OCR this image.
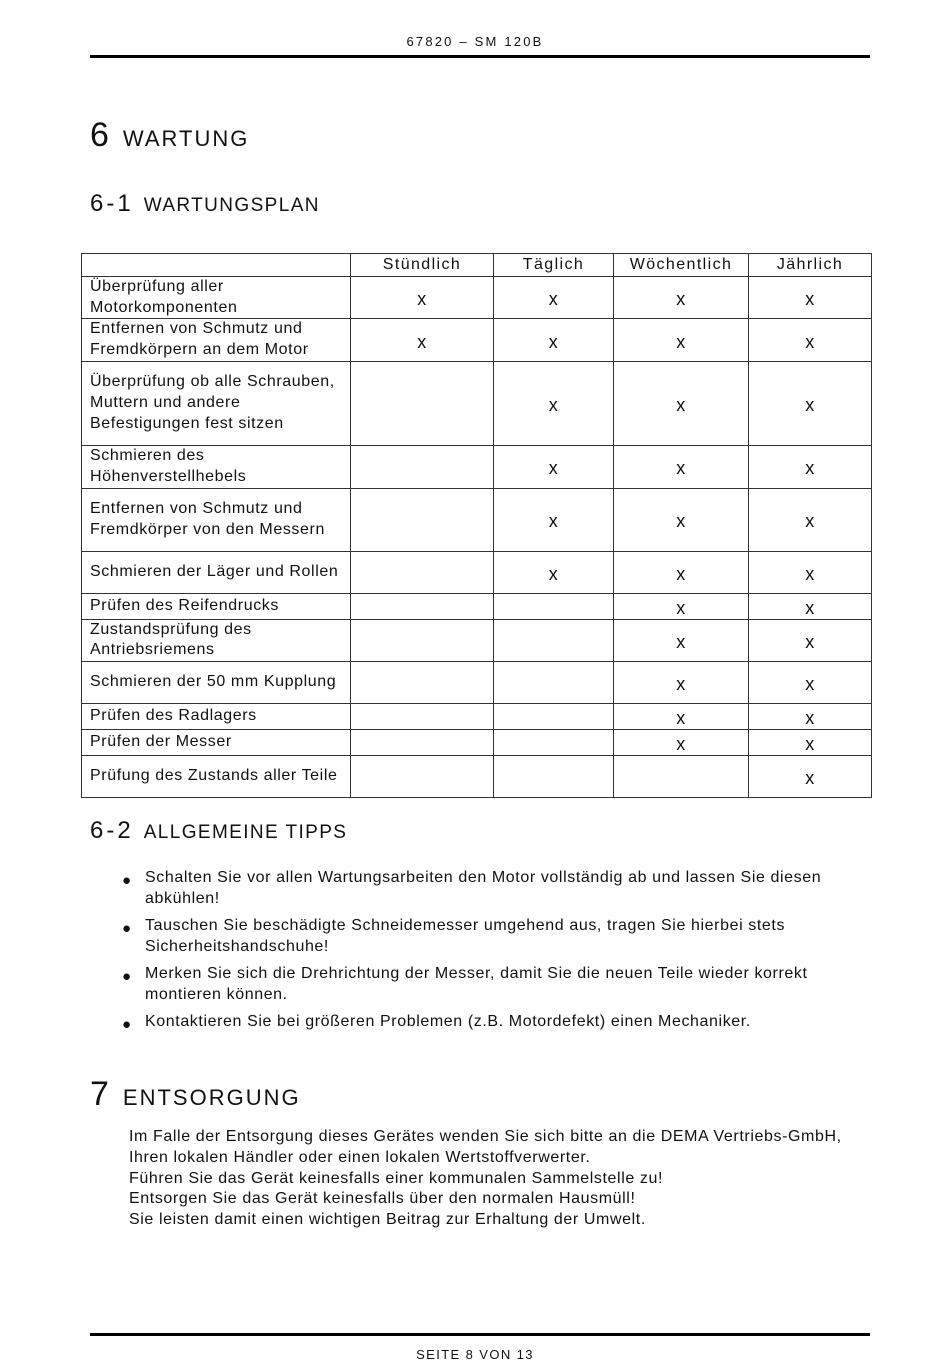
67820 – SM 120B
6 WARTUNG
6-1 WARTUNGSPLAN
	Stündlich	Täglich	Wöchentlich	Jährlich
Überprüfung aller Motorkomponenten	x	x	x	x
Entfernen von Schmutz und Fremdkörpern an dem Motor	x	x	x	x
Überprüfung ob alle Schrauben, Muttern und andere Befestigungen fest sitzen		x	x	x
Schmieren des Höhenverstellhebels		x	x	x
Entfernen von Schmutz und Fremdkörper von den Messern		x	x	x
Schmieren der Läger und Rollen		x	x	x
Prüfen des Reifendrucks			x	x
Zustandsprüfung des Antriebsriemens			x	x
Schmieren der 50 mm Kupplung			x	x
Prüfen des Radlagers			x	x
Prüfen der Messer			x	x
Prüfung des Zustands aller Teile				x
6-2 ALLGEMEINE TIPPS
● Schalten Sie vor allen Wartungsarbeiten den Motor vollständig ab und lassen Sie diesen abkühlen!
● Tauschen Sie beschädigte Schneidemesser umgehend aus, tragen Sie hierbei stets Sicherheitshandschuhe!
● Merken Sie sich die Drehrichtung der Messer, damit Sie die neuen Teile wieder korrekt montieren können.
● Kontaktieren Sie bei größeren Problemen (z.B. Motordefekt) einen Mechaniker.
7 ENTSORGUNG

Im Falle der Entsorgung dieses Gerätes wenden Sie sich bitte an die DEMA Vertriebs-GmbH, Ihren lokalen Händler oder einen lokalen Wertstoffverwerter.

Führen Sie das Gerät keinesfalls einer kommunalen Sammelstelle zu!

Entsorgen Sie das Gerät keinesfalls über den normalen Hausmüll!

Sie leisten damit einen wichtigen Beitrag zur Erhaltung der Umwelt.

SEITE 8 VON 13
